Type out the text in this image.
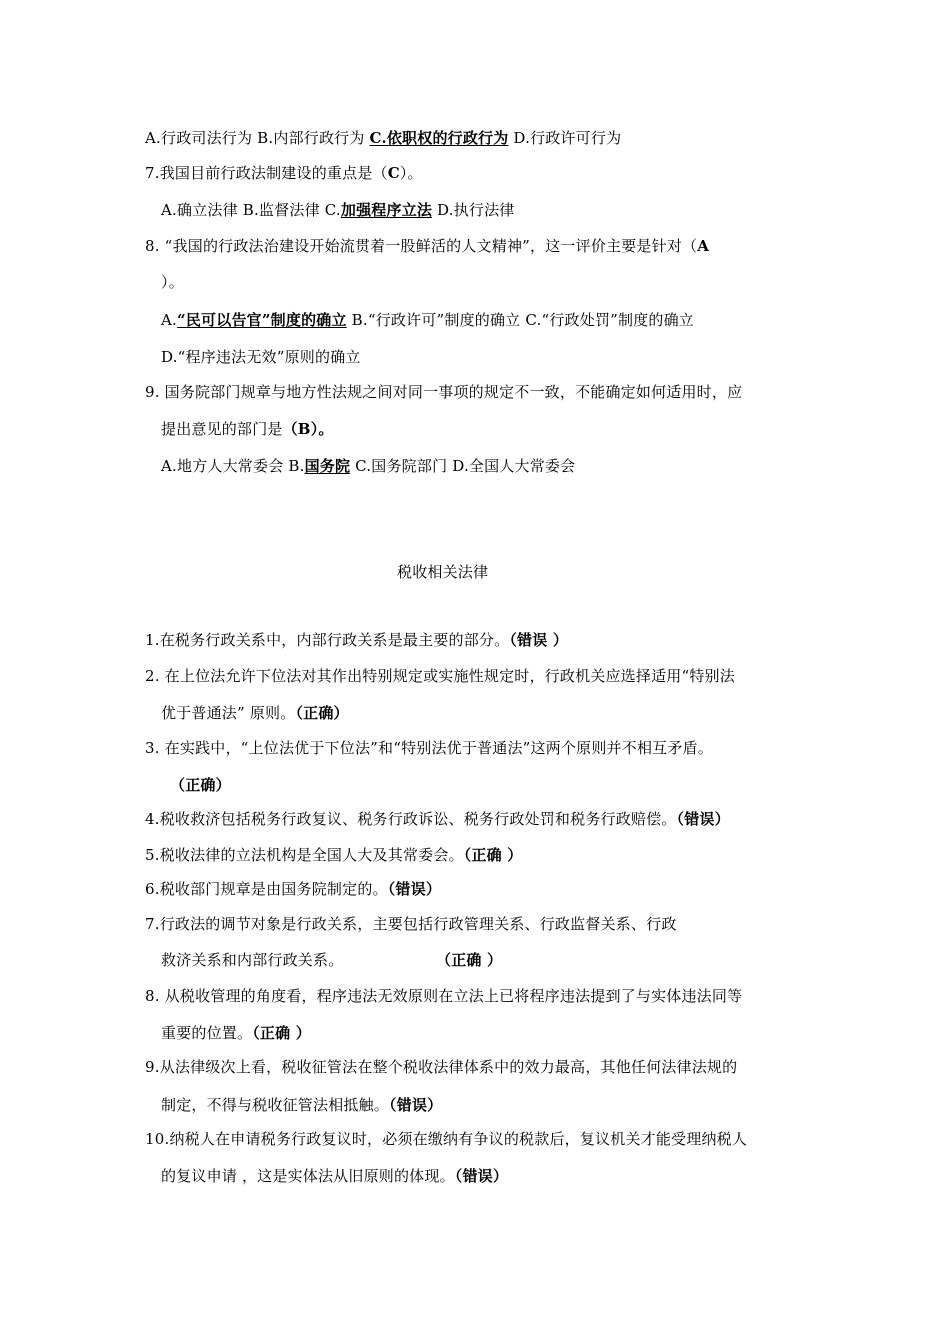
A.行政司法行为 B.内部行政行为 C.依职权的行政行为 D.行政许可行为
7.我国目前行政法制建设的重点是（C）。
A.确立法律 B.监督法律 C.加强程序立法 D.执行法律
8. “我国的行政法治建设开始流贯着一股鲜活的人文精神”，这一评价主要是针对（A
）。
A.“民可以告官”制度的确立 B.“行政许可”制度的确立 C.“行政处罚”制度的确立
D.“程序违法无效”原则的确立
9. 国务院部门规章与地方性法规之间对同一事项的规定不一致，不能确定如何适用时，应
提出意见的部门是（B）。
A.地方人大常委会 B.国务院 C.国务院部门 D.全国人大常委会
税收相关法律
1.在税务行政关系中，内部行政关系是最主要的部分。（错误 ）
2. 在上位法允许下位法对其作出特别规定或实施性规定时，行政机关应选择适用“特别法
优于普通法” 原则。（正确）
3. 在实践中，“上位法优于下位法”和“特别法优于普通法”这两个原则并不相互矛盾。
（正确）
4.税收救济包括税务行政复议、税务行政诉讼、税务行政处罚和税务行政赔偿。（错误）
5.税收法律的立法机构是全国人大及其常委会。（正确 ）
6.税收部门规章是由国务院制定的。（错误）
7.行政法的调节对象是行政关系，主要包括行政管理关系、行政监督关系、行政
救济关系和内部行政关系。	（正确 ）
8. 从税收管理的角度看，程序违法无效原则在立法上已将程序违法提到了与实体违法同等
重要的位置。（正确 ）
9.从法律级次上看，税收征管法在整个税收法律体系中的效力最高，其他任何法律法规的
制定，不得与税收征管法相抵触。（错误）
10.纳税人在申请税务行政复议时，必须在缴纳有争议的税款后，复议机关才能受理纳税人
的复议申请 ，这是实体法从旧原则的体现。（错误）
